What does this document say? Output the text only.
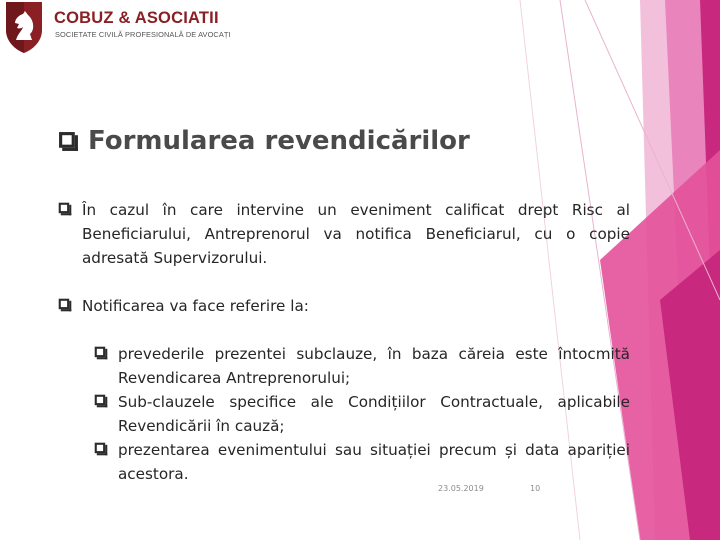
COBUZ & ASOCIATII
SOCIETATE CIVILĂ PROFESIONALĂ DE AVOCAȚI
Formularea revendicărilor
În cazul în care intervine un eveniment calificat drept Risc al Beneficiarului, Antreprenorul va notifica Beneficiarul, cu o copie adresată Supervizorului.
Notificarea va face referire la:
prevederile prezentei subclauze, în baza căreia este întocmită Revendicarea Antreprenorului;
Sub-clauzele specifice ale Condițiilor Contractuale, aplicabile Revendicării în cauză;
prezentarea evenimentului sau situației precum și data apariției acestora.
23.05.2019	10
